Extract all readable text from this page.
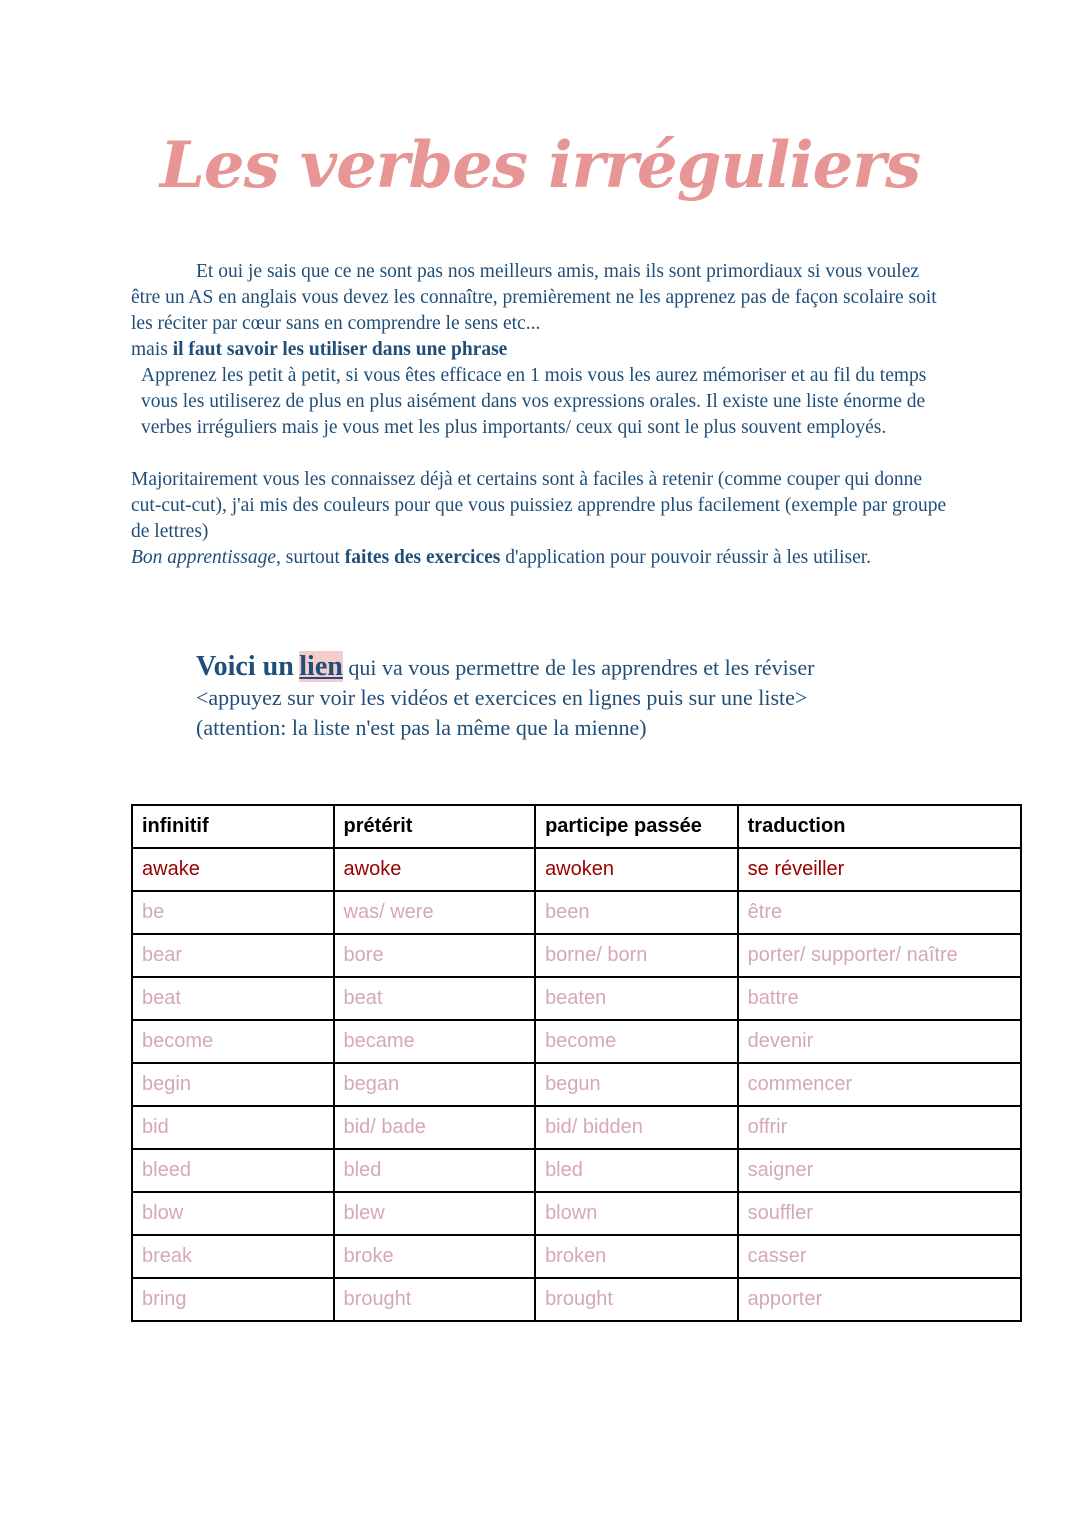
Les verbes irréguliers

Et oui je sais que ce ne sont pas nos meilleurs amis, mais ils sont primordiaux si vous voulez être un AS en anglais vous devez les connaître, premièrement ne les apprenez pas de façon scolaire soit les réciter par cœur sans en comprendre le sens etc...

mais il faut savoir les utiliser dans une phrase

Apprenez les petit à petit, si vous êtes efficace en 1 mois vous les aurez mémoriser et au fil du temps vous les utiliserez de plus en plus aisément dans vos expressions orales. Il existe une liste énorme de verbes irréguliers mais je vous met les plus importants/ ceux qui sont le plus souvent employés.

Majoritairement vous les connaissez déjà et certains sont à faciles à retenir (comme couper qui donne cut-cut-cut), j'ai mis des couleurs pour que vous puissiez apprendre plus facilement (exemple par groupe de lettres)

Bon apprentissage, surtout faites des exercices d'application pour pouvoir réussir à les utiliser.

Voici un lien qui va vous permettre de les apprendres et les réviser

<appuyez sur voir les vidéos et exercices en lignes puis sur une liste>

(attention: la liste n'est pas la même que la mienne)

infinitif	prétérit	participe passée	traduction
awake	awoke	awoken	se réveiller
be	was/ were	been	être
bear	bore	borne/ born	porter/ supporter/ naître
beat	beat	beaten	battre
become	became	become	devenir
begin	began	begun	commencer
bid	bid/ bade	bid/ bidden	offrir
bleed	bled	bled	saigner
blow	blew	blown	souffler
break	broke	broken	casser
bring	brought	brought	apporter
